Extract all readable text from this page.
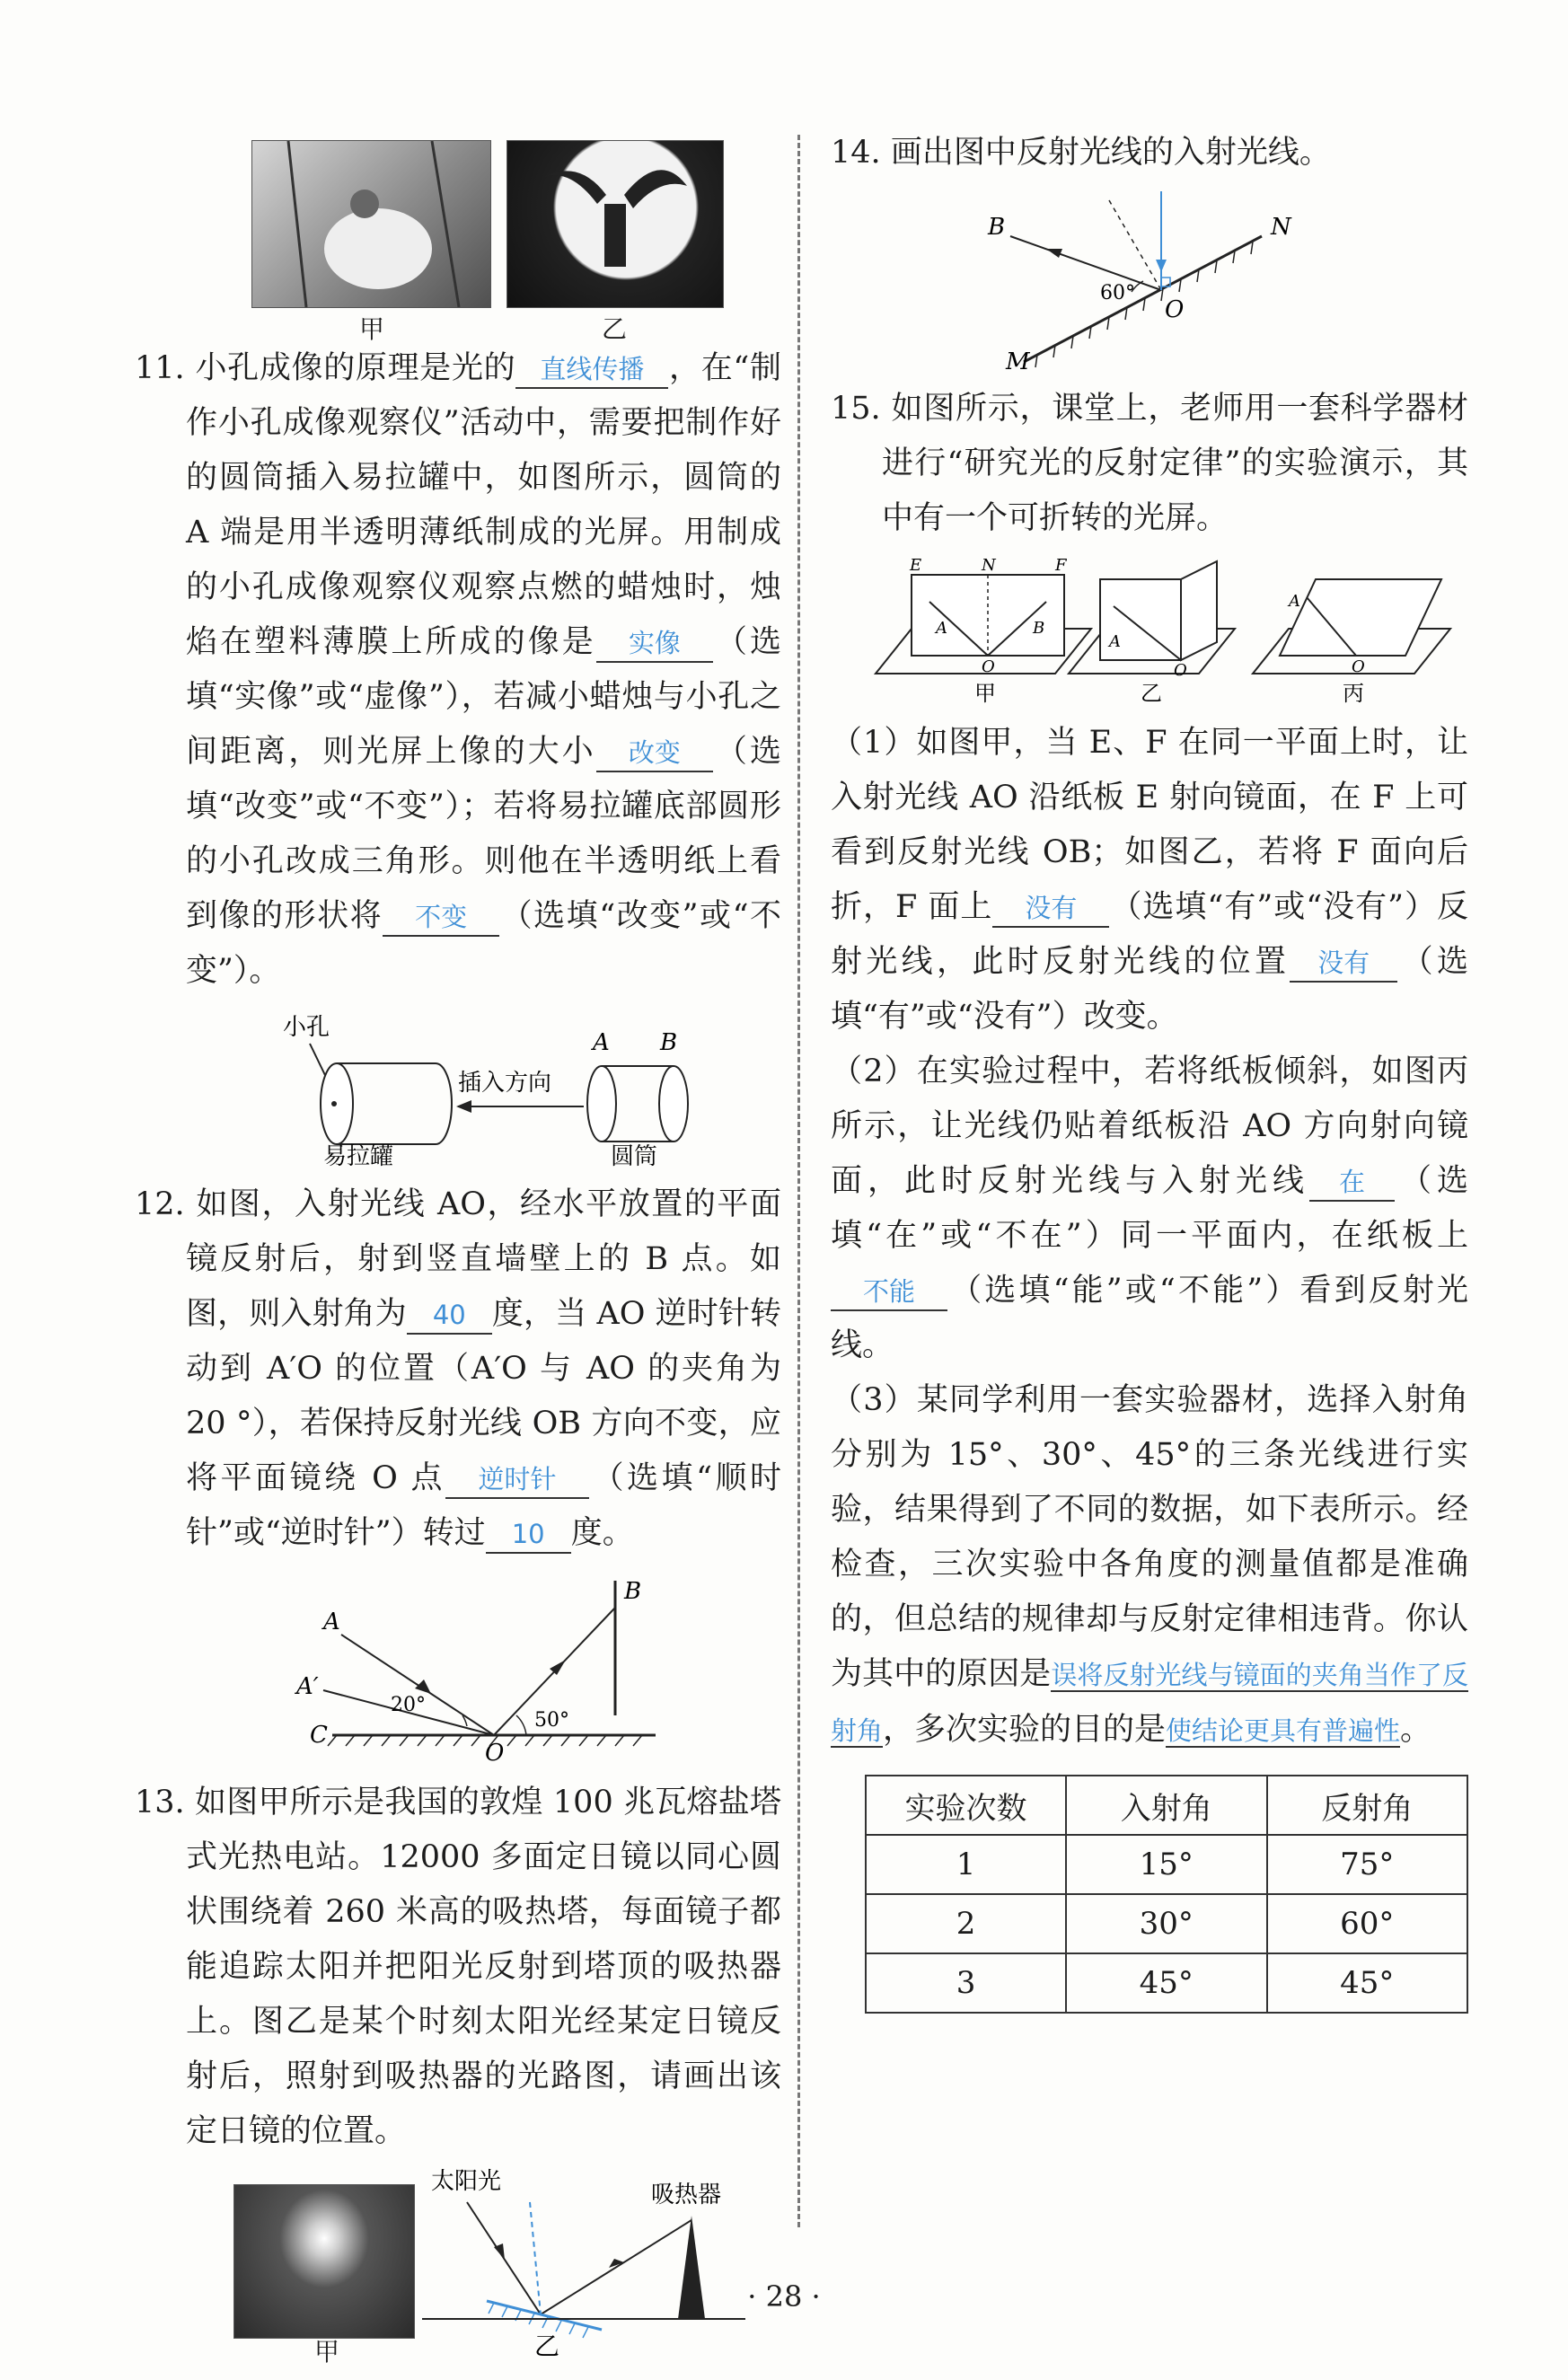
甲	乙

11. 小孔成像的原理是光的 直线传播 ，在“制作小孔成像观察仪”活动中，需要把制作好的圆筒插入易拉罐中，如图所示，圆筒的 A 端是用半透明薄纸制成的光屏。用制成的小孔成像观察仪观察点燃的蜡烛时，烛焰在塑料薄膜上所成的像是 实像 （选填“实像”或“虚像”），若减小蜡烛与小孔之间距离，则光屏上像的大小 改变 （选填“改变”或“不变”）；若将易拉罐底部圆形的小孔改成三角形。则他在半透明纸上看到像的形状将 不变 （选填“改变”或“不变”）。

小孔
易拉罐
插入方向
A B
圆筒

12. 如图，入射光线 AO，经水平放置的平面镜反射后，射到竖直墙壁上的 B 点。如图，则入射角为 40 度，当 AO 逆时针转动到 A′O 的位置（A′O 与 AO 的夹角为 20 °），若保持反射光线 OB 方向不变，应将平面镜绕 O 点 逆时针 （选填“顺时针”或“逆时针”）转过 10 度。

A
A′
B
C
O
20°
50°

13. 如图甲所示是我国的敦煌 100 兆瓦熔盐塔式光热电站。12000 多面定日镜以同心圆状围绕着 260 米高的吸热塔，每面镜子都能追踪太阳并把阳光反射到塔顶的吸热器上。图乙是某个时刻太阳光经某定日镜反射后，照射到吸热器的光路图，请画出该定日镜的位置。

甲
太阳光	吸热器
乙

14. 画出图中反射光线的入射光线。

B	N
M
O
60°

15. 如图所示，课堂上，老师用一套科学器材进行“研究光的反射定律”的实验演示，其中有一个可折转的光屏。

E	N	F
A	B
O
甲
A
O
乙
A
O
丙

（1）如图甲，当 E、F 在同一平面上时，让入射光线 AO 沿纸板 E 射向镜面，在 F 上可看到反射光线 OB；如图乙，若将 F 面向后折，F 面上 没有 （选填“有”或“没有”）反射光线，此时反射光线的位置 没有 （选填“有”或“没有”）改变。

（2）在实验过程中，若将纸板倾斜，如图丙所示，让光线仍贴着纸板沿 AO 方向射向镜面，此时反射光线与入射光线 在 （选填“在”或“不在”）同一平面内，在纸板上不能 （选填“能”或“不能”）看到反射光线。

（3）某同学利用一套实验器材，选择入射角分别为 15°、30°、45°的三条光线进行实验，结果得到了不同的数据，如下表所示。经检查，三次实验中各角度的测量值都是准确的，但总结的规律却与反射定律相违背。你认为其中的原因是误将反射光线与镜面的夹角当作了反射角，多次实验的目的是使结论更具有普遍性。

实验次数	入射角	反射角
1	15°	75°
2	30°	60°
3	45°	45°
· 28 ·
